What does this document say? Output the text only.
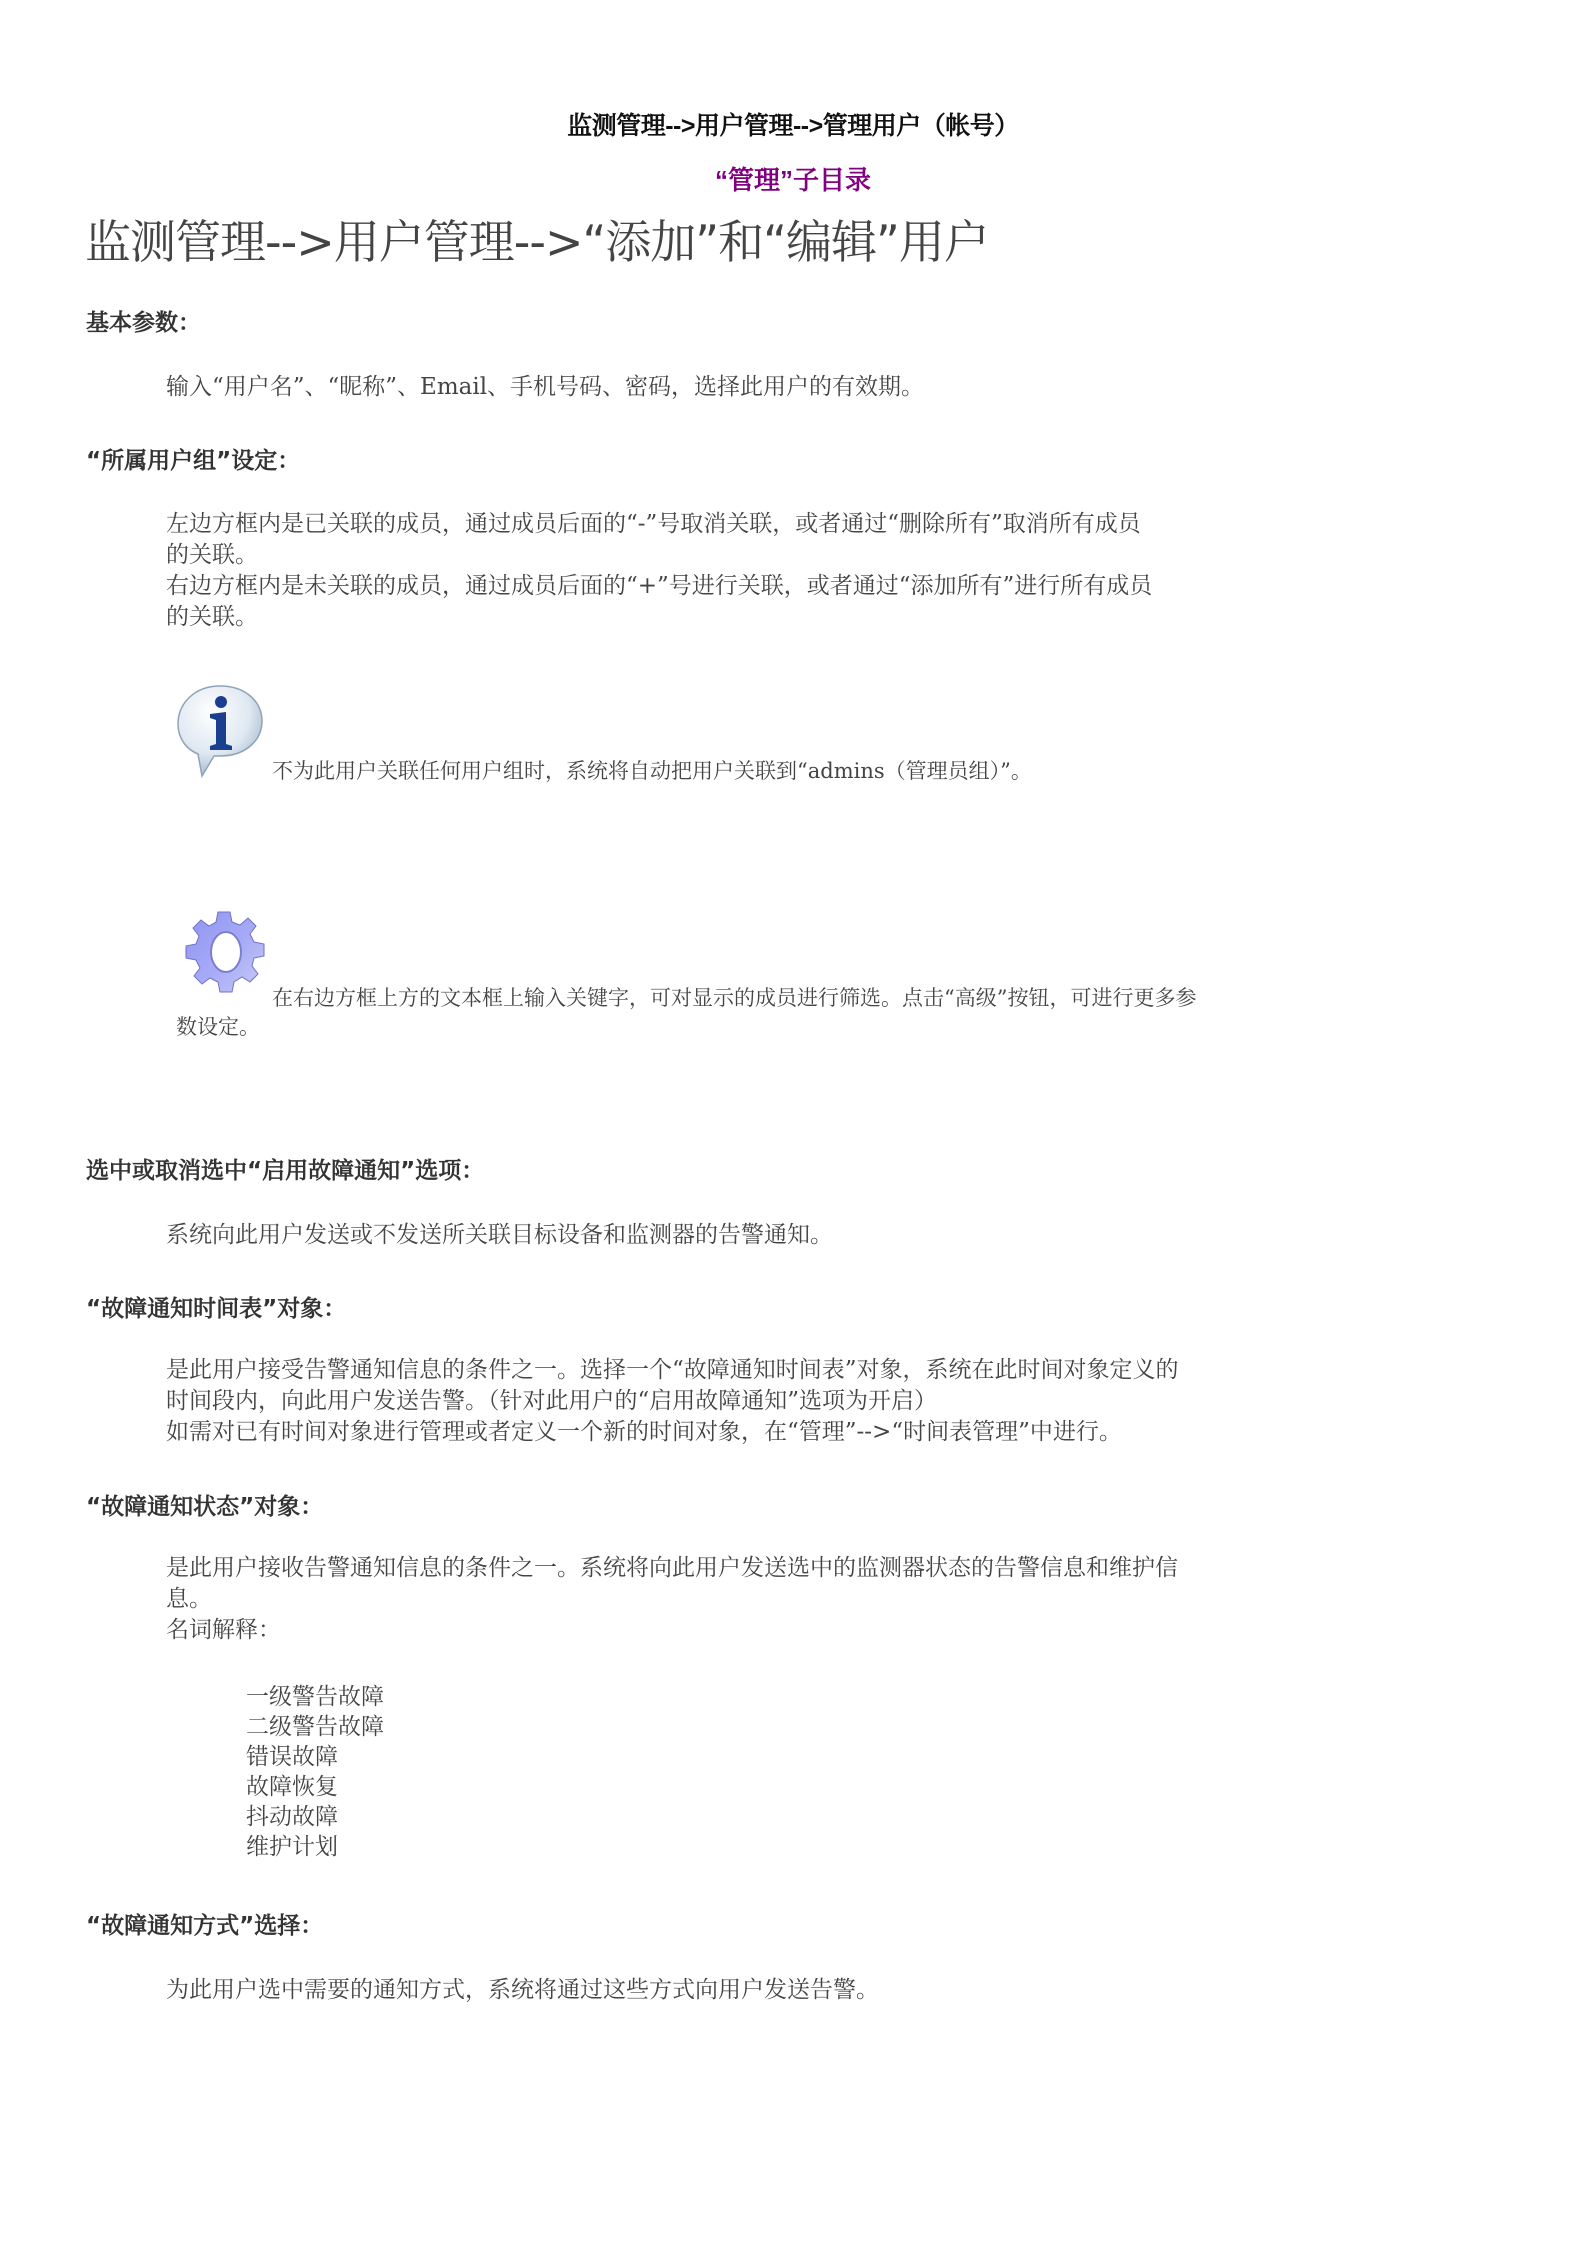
监测管理-->用户管理-->管理用户（帐号）
“管理”子目录
监测管理-->用户管理-->“添加”和“编辑”用户
基本参数：
输入“用户名”、“昵称”、Email、手机号码、密码，选择此用户的有效期。
“所属用户组”设定：
左边方框内是已关联的成员，通过成员后面的“-”号取消关联，或者通过“删除所有”取消所有成员
的关联。
右边方框内是未关联的成员，通过成员后面的“+”号进行关联，或者通过“添加所有”进行所有成员
的关联。
不为此用户关联任何用户组时，系统将自动把用户关联到“admins（管理员组）”。
在右边方框上方的文本框上输入关键字，可对显示的成员进行筛选。点击“高级”按钮，可进行更多参
数设定。
选中或取消选中“启用故障通知”选项：
系统向此用户发送或不发送所关联目标设备和监测器的告警通知。
“故障通知时间表”对象：
是此用户接受告警通知信息的条件之一。选择一个“故障通知时间表”对象，系统在此时间对象定义的
时间段内，向此用户发送告警。（针对此用户的“启用故障通知”选项为开启）
如需对已有时间对象进行管理或者定义一个新的时间对象，在“管理”-->“时间表管理”中进行。
“故障通知状态”对象：
是此用户接收告警通知信息的条件之一。系统将向此用户发送选中的监测器状态的告警信息和维护信
息。
名词解释：
一级警告故障
二级警告故障
错误故障
故障恢复
抖动故障
维护计划
“故障通知方式”选择：
为此用户选中需要的通知方式，系统将通过这些方式向用户发送告警。
